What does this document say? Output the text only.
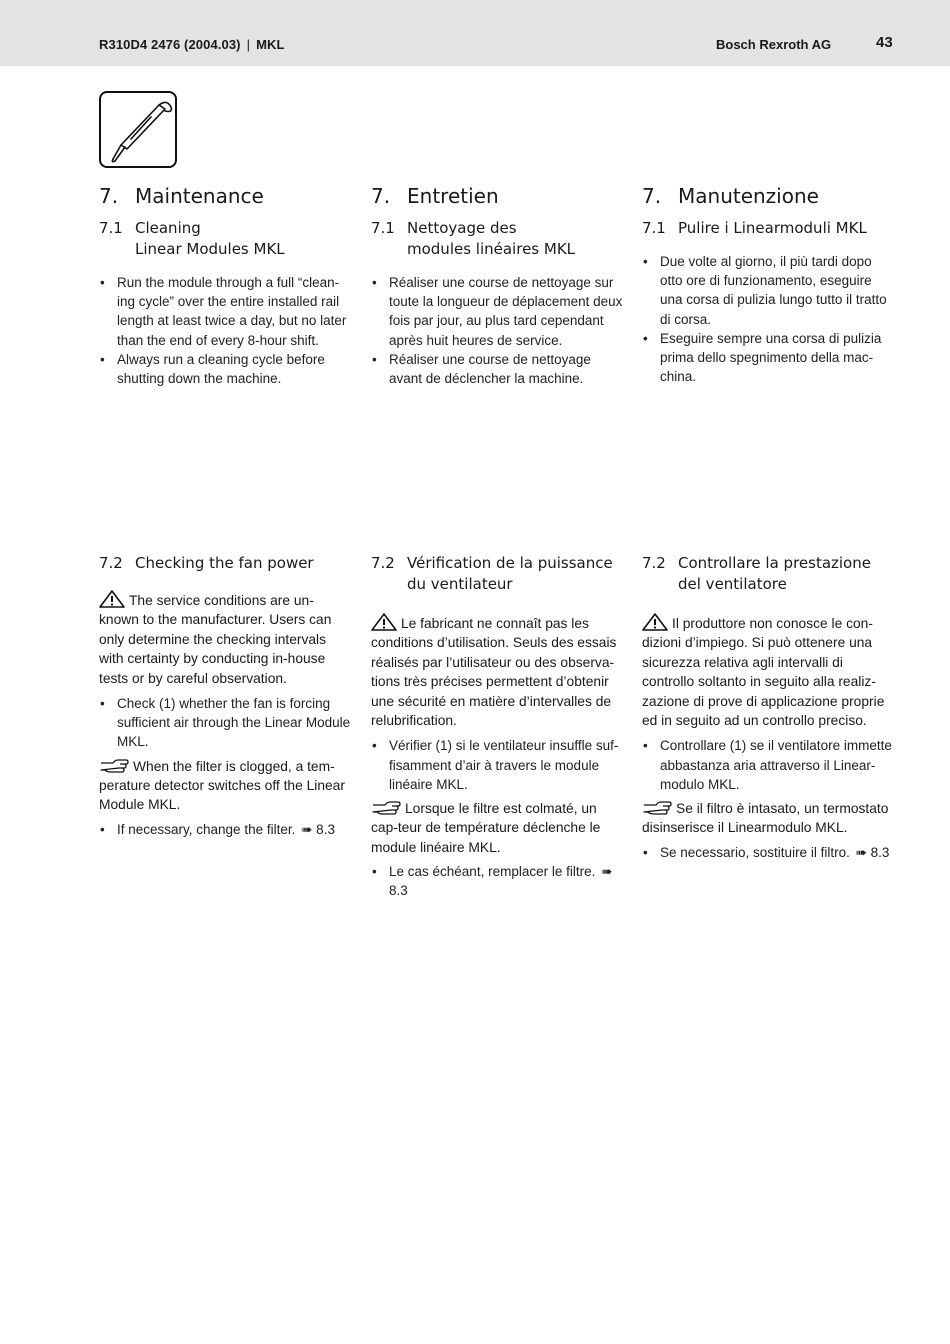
R310D4 2476 (2004.03) | MKL	Bosch Rexroth AG	43
7. Maintenance
7.1 Cleaning
Linear Modules MKL
• Run the module through a full “clean-ing cycle” over the entire installed rail length at least twice a day, but no later than the end of every 8-hour shift.
• Always run a cleaning cycle before shutting down the machine.
7.2 Checking the fan power
The service conditions are un-known to the manufacturer. Users can only determine the checking intervals with certainty by conducting in-house tests or by careful observation.
• Check (1) whether the fan is forcing sufficient air through the Linear Module MKL.
When the filter is clogged, a tem-perature detector switches off the Linear Module MKL.
• If necessary, change the filter. ➠ 8.3
7. Entretien
7.1 Nettoyage des
modules linéaires MKL
• Réaliser une course de nettoyage sur toute la longueur de déplacement deux fois par jour, au plus tard cependant après huit heures de service.
• Réaliser une course de nettoyage avant de déclencher la machine.
7.2 Vérification de la puissance
du ventilateur
Le fabricant ne connaît pas les conditions d’utilisation. Seuls des essais réalisés par l’utilisateur ou des observa-tions très précises permettent d’obtenir une sécurité en matière d’intervalles de relubrification.
• Vérifier (1) si le ventilateur insuffle suf-fisamment d’air à travers le module linéaire MKL.
Lorsque le filtre est colmaté, un cap-teur de température déclenche le module linéaire MKL.
• Le cas échéant, remplacer le filtre. ➠ 8.3
7. Manutenzione
7.1 Pulire i Linearmoduli MKL
• Due volte al giorno, il più tardi dopo otto ore di funzionamento, eseguire una corsa di pulizia lungo tutto il tratto di corsa.
• Eseguire sempre una corsa di pulizia prima dello spegnimento della mac-china.
7.2 Controllare la prestazione
del ventilatore
Il produttore non conosce le con-dizioni d’impiego. Si può ottenere una sicurezza relativa agli intervalli di controllo soltanto in seguito alla realiz-zazione di prove di applicazione proprie ed in seguito ad un controllo preciso.
• Controllare (1) se il ventilatore immette abbastanza aria attraverso il Linear-modulo MKL.
Se il filtro è intasato, un termostato disinserisce il Linearmodulo MKL.
• Se necessario, sostituire il filtro. ➠ 8.3
